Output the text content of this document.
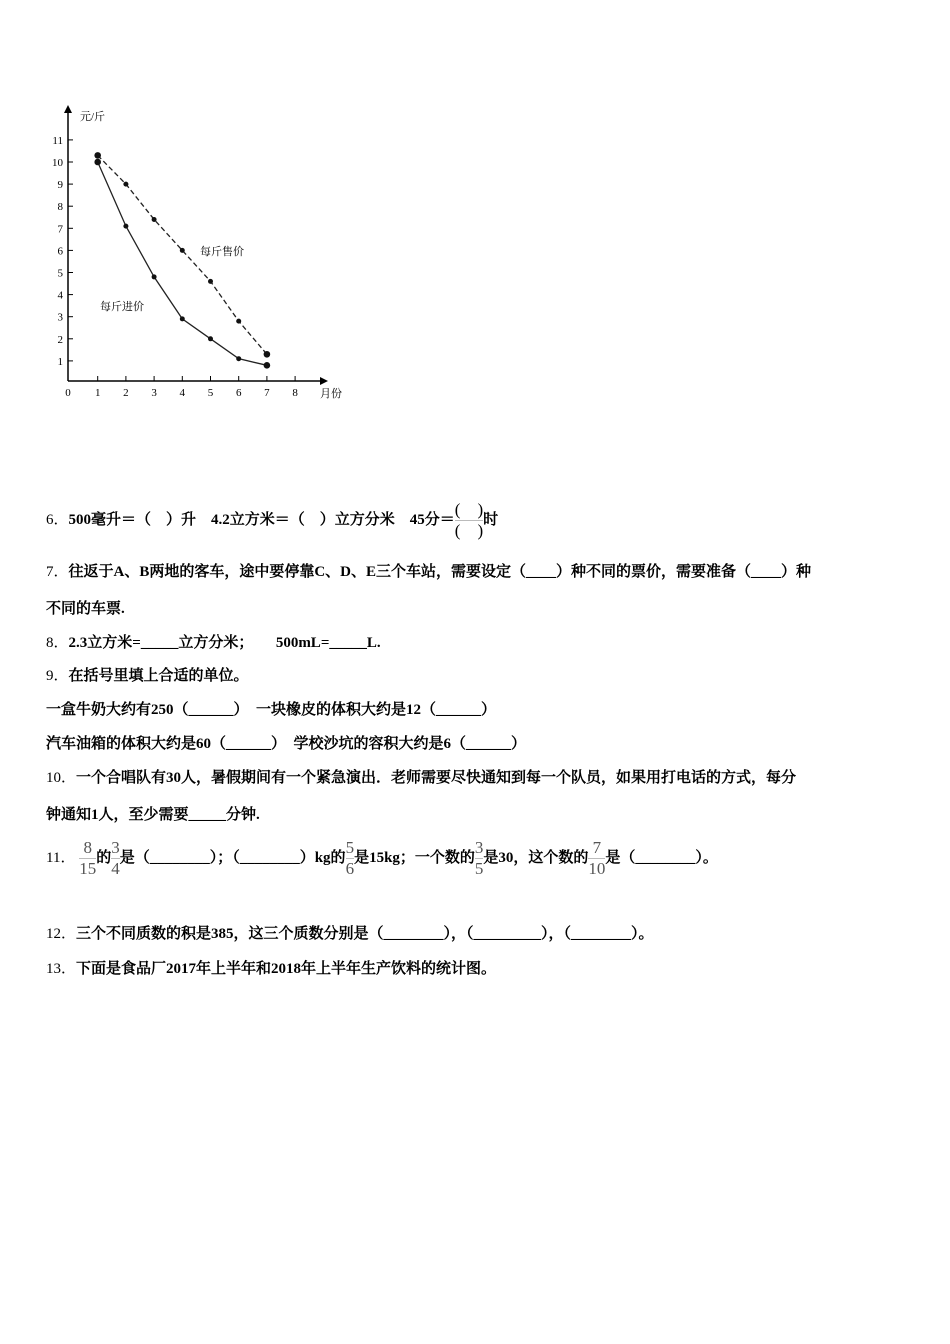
元/斤
月份
1
2
3
4
5
6
7
8
9
10
11
0 1 2 3 4 5 6 7 8
每斤售价
每斤进价
6．500毫升＝（　）升　4.2立方米＝（　）立方分米　45分＝ $\frac{( )}{( )}$ 时
7．往返于A、B两地的客车，途中要停靠C、D、E三个车站，需要设定（____）种不同的票价，需要准备（____）种
不同的车票.
8．2.3立方米=_____立方分米；　　500mL=_____L.
9．在括号里填上合适的单位。
一盒牛奶大约有250（______）　一块橡皮的体积大约是12（______）
汽车油箱的体积大约是60（______）　学校沙坑的容积大约是6（______）
10．一个合唱队有30人，暑假期间有一个紧急演出．老师需要尽快通知到每一个队员，如果用打电话的方式，每分
钟通知1人，至少需要_____分钟.
11． $\frac{8}{15}$ 的 $\frac{3}{4}$ 是（________）；（________）kg的 $\frac{5}{6}$ 是15kg；一个数的 $\frac{3}{5}$ 是30，这个数的 $\frac{7}{10}$ 是（________）。
12．三个不同质数的积是385，这三个质数分别是（________），（_________），（________）。
13．下面是食品厂2017年上半年和2018年上半年生产饮料的统计图。
